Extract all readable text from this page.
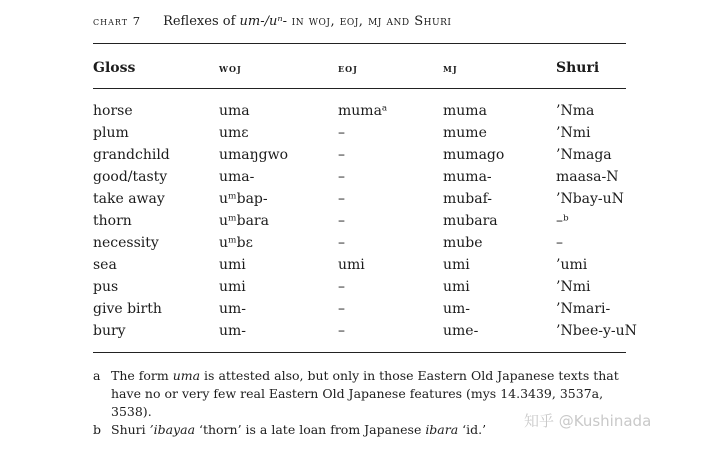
chart 7 Reflexes of um-/uⁿ- in woj, eoj, mj and Shuri
Gloss	woj	eoj	mj	Shuri
horse	uma	mumaᵃ	muma	’Nma
plum	umɛ	–	mume	’Nmi
grandchild	umaŋgwo	–	mumago	’Nmaga
good/tasty	uma-	–	muma-	maasa-N
take away	uᵐbap-	–	mubaf-	’Nbay-uN
thorn	uᵐbara	–	mubara	–ᵇ
necessity	uᵐbɛ	–	mube	–
sea	umi	umi	umi	’umi
pus	umi	–	umi	’Nmi
give birth	um-	–	um-	’Nmari-
bury	um-	–	ume-	’Nbee-y-uN
a The form uma is attested also, but only in those Eastern Old Japanese texts that have no or very few real Eastern Old Japanese features (mys 14.3439, 3537a, 3538).
b Shuri ’ibayaa ‘thorn’ is a late loan from Japanese ibara ‘id.’	知乎 @Kushinada
